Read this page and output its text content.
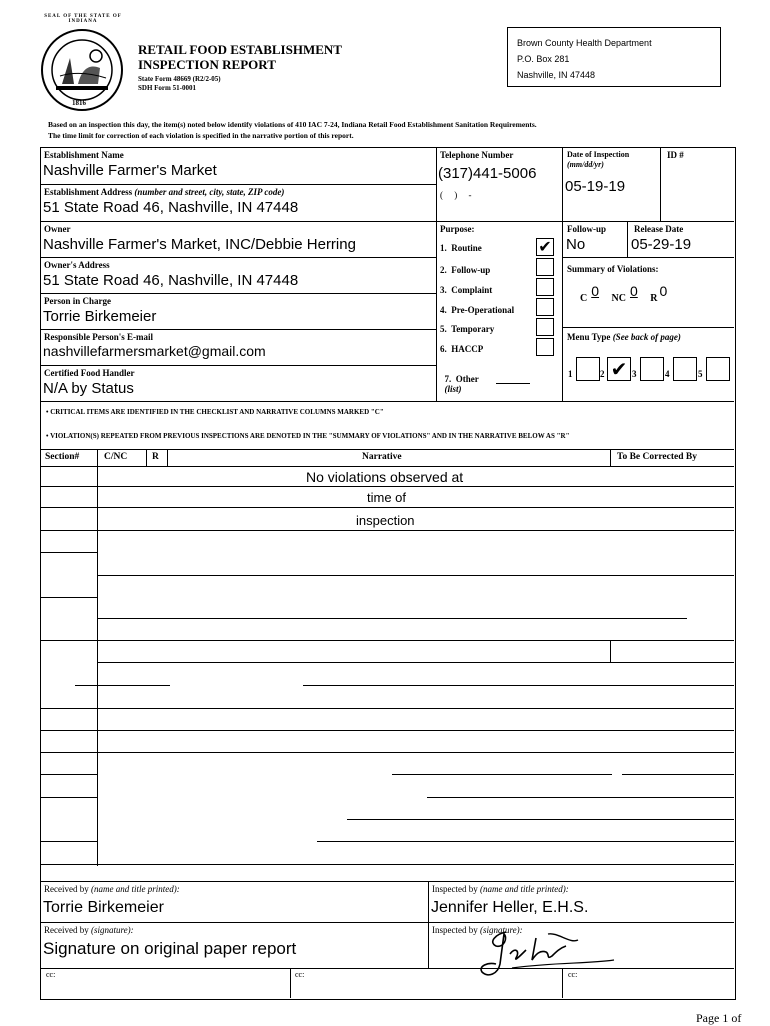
SEAL OF THE STATE OF INDIANA
1816
RETAIL FOOD ESTABLISHMENT
INSPECTION REPORT
State Form 48669 (R2/2-05)
SDH Form 51-0001
Brown County Health Department
P.O. Box 281
Nashville, IN 47448
Based on an inspection this day, the item(s) noted below identify violations of 410 IAC 7-24, Indiana Retail Food Establishment Sanitation Requirements.
The time limit for correction of each violation is specified in the narrative portion of this report.
Establishment Name
Nashville Farmer's Market
Establishment Address (number and street, city, state, ZIP code)
51 State Road 46, Nashville, IN 47448
Owner
Nashville Farmer's Market, INC/Debbie Herring
Owner's Address
51 State Road 46, Nashville, IN 47448
Person in Charge
Torrie Birkemeier
Responsible Person's E-mail
nashvillefarmersmarket@gmail.com
Certified Food Handler
N/A by Status
Telephone Number
(317)441-5006
(     )     -
Purpose:
1.  Routine
2.  Follow-up
3.  Complaint
4.  Pre-Operational
5.  Temporary
6.  HACCP

7.  Other
(list)

✔
Date of Inspection
(mm/dd/yr)
05-19-19
ID #
Follow-up
No
Release Date
05-29-19
Summary of Violations:
C 0 NC 0 R 0
Menu Type (See back of page)
1	2 ✔ 3	4	5
• CRITICAL ITEMS ARE IDENTIFIED IN THE CHECKLIST AND NARRATIVE COLUMNS MARKED "C"
• VIOLATION(S) REPEATED FROM PREVIOUS INSPECTIONS ARE DENOTED IN THE "SUMMARY OF VIOLATIONS" AND IN THE NARRATIVE BELOW AS "R"
Section#	C/NC	R	Narrative	To Be Corrected By
No violations observed at
time of
inspection
Received by (name and title printed):
Torrie Birkemeier
Inspected by (name and title printed):
Jennifer Heller, E.H.S.
Received by (signature):
Signature on original paper report
Inspected by (signature):
cc:	cc:	cc:
Page 1 of
